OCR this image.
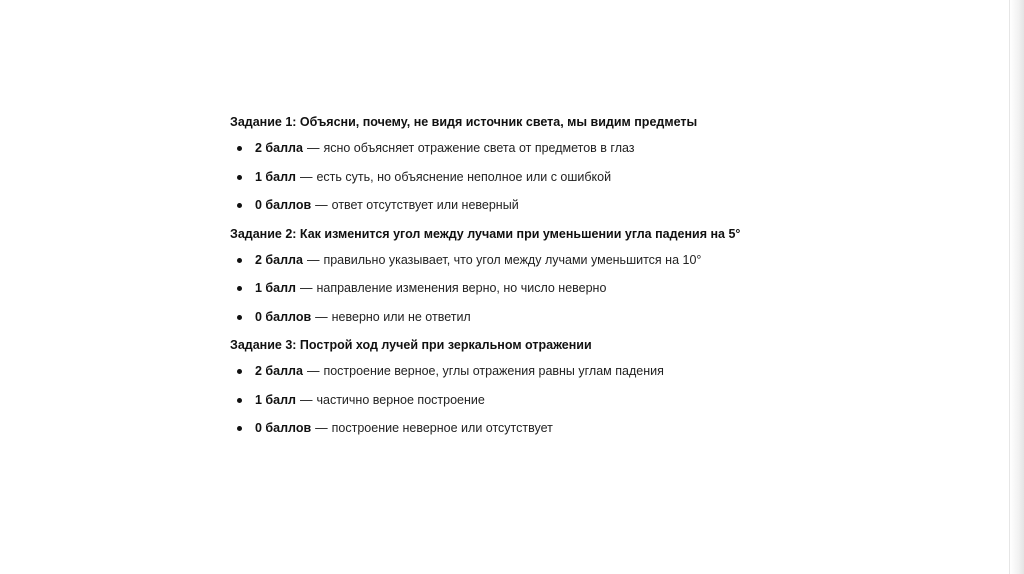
Задание 1: Объясни, почему, не видя источник света, мы видим предметы
2 балла — ясно объясняет отражение света от предметов в глаз
1 балл — есть суть, но объяснение неполное или с ошибкой
0 баллов — ответ отсутствует или неверный
Задание 2: Как изменится угол между лучами при уменьшении угла падения на 5°
2 балла — правильно указывает, что угол между лучами уменьшится на 10°
1 балл — направление изменения верно, но число неверно
0 баллов — неверно или не ответил
Задание 3: Построй ход лучей при зеркальном отражении
2 балла — построение верное, углы отражения равны углам падения
1 балл — частично верное построение
0 баллов — построение неверное или отсутствует
